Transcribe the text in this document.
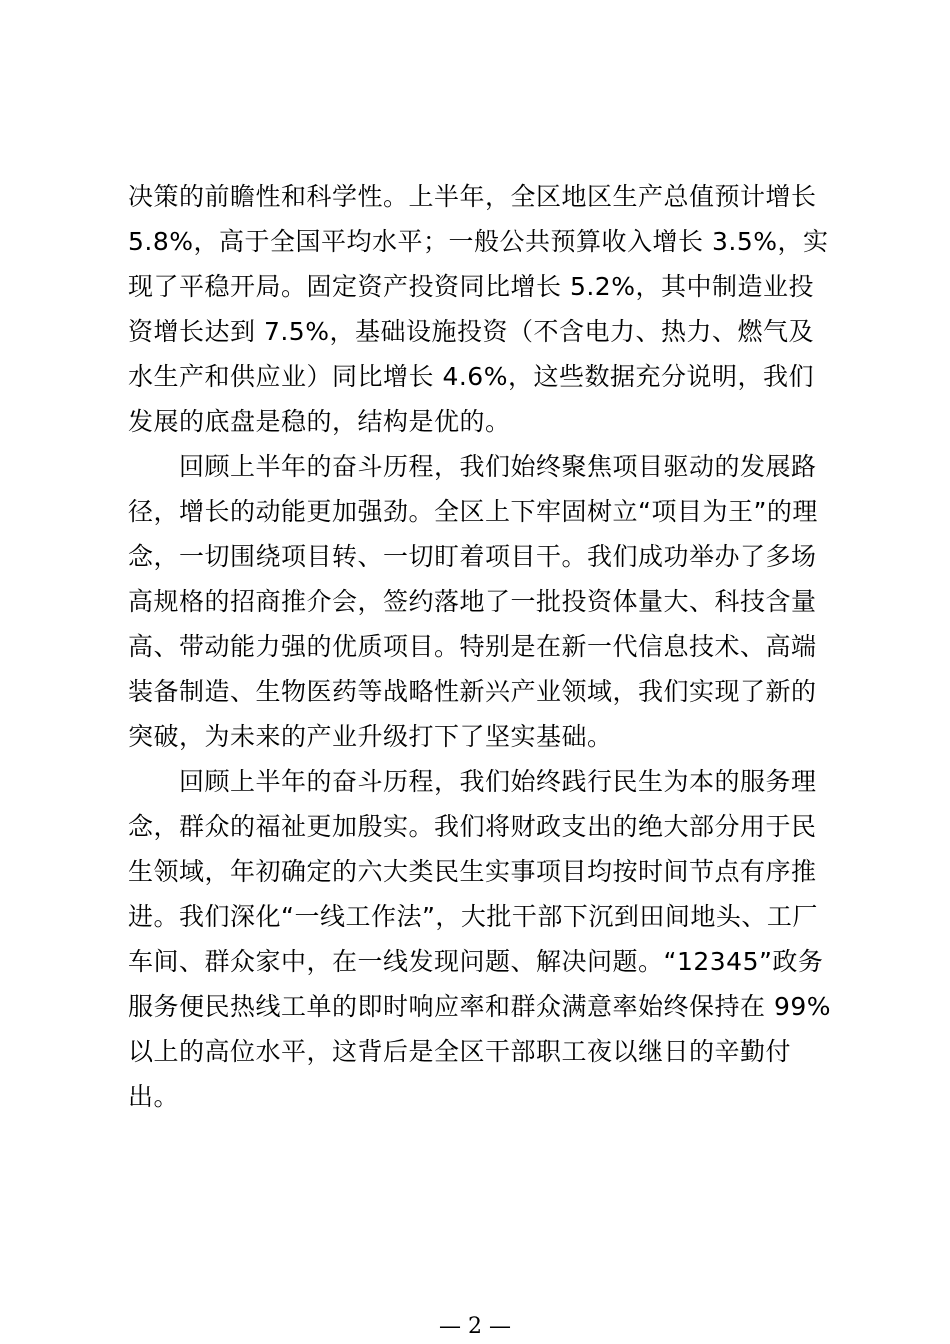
决策的前瞻性和科学性。上半年，全区地区生产总值预计增长
5.8%，高于全国平均水平；一般公共预算收入增长 3.5%，实
现了平稳开局。固定资产投资同比增长 5.2%，其中制造业投
资增长达到 7.5%，基础设施投资（不含电力、热力、燃气及
水生产和供应业）同比增长 4.6%，这些数据充分说明，我们
发展的底盘是稳的，结构是优的。
　　回顾上半年的奋斗历程，我们始终聚焦项目驱动的发展路
径，增长的动能更加强劲。全区上下牢固树立“项目为王”的理
念，一切围绕项目转、一切盯着项目干。我们成功举办了多场
高规格的招商推介会，签约落地了一批投资体量大、科技含量
高、带动能力强的优质项目。特别是在新一代信息技术、高端
装备制造、生物医药等战略性新兴产业领域，我们实现了新的
突破，为未来的产业升级打下了坚实基础。
　　回顾上半年的奋斗历程，我们始终践行民生为本的服务理
念，群众的福祉更加殷实。我们将财政支出的绝大部分用于民
生领域，年初确定的六大类民生实事项目均按时间节点有序推
进。我们深化“一线工作法”，大批干部下沉到田间地头、工厂
车间、群众家中，在一线发现问题、解决问题。“12345”政务
服务便民热线工单的即时响应率和群众满意率始终保持在 99%
以上的高位水平，这背后是全区干部职工夜以继日的辛勤付
出。
— 2 —
